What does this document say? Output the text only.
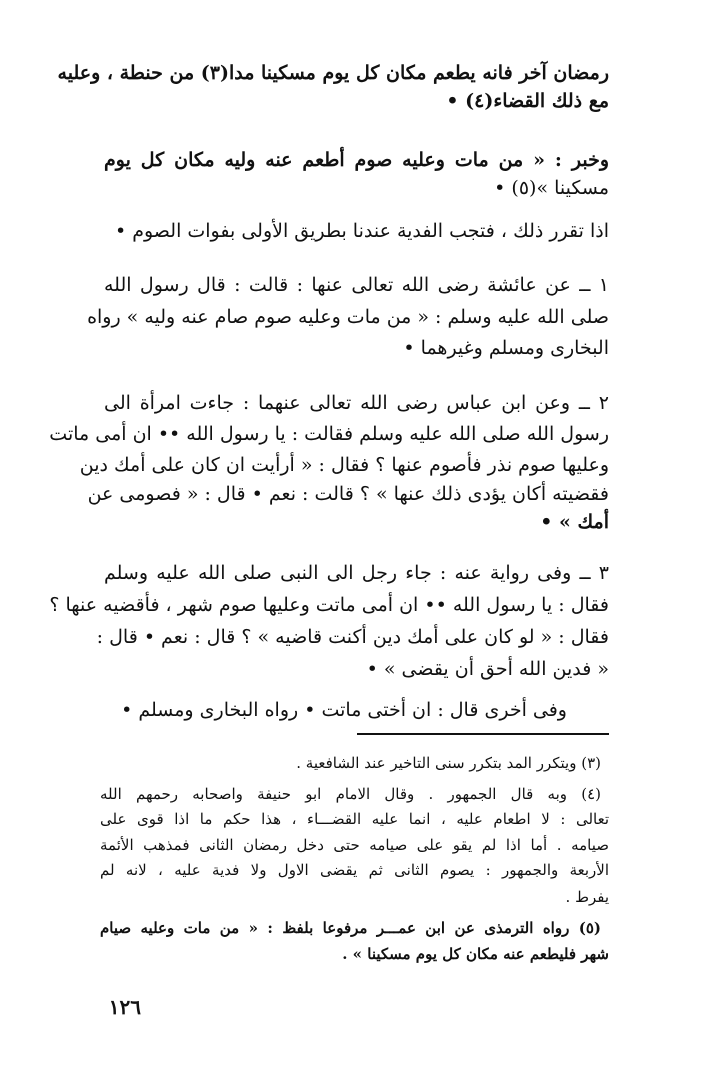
رمضان آخر فانه يطعم مكان كل يوم مسكينا مدا(٣) من حنطة ، وعليه
مع ذلك القضاء(٤) •
وخبر : « من مات وعليه صوم أطعم عنه وليه مكان كل يوم
مسكينا »(٥) •
اذا تقرر ذلك ، فتجب الفدية عندنا بطريق الأولى بفوات الصوم •
١ ــ عن عائشة رضى الله تعالى عنها : قالت : قال رسول الله
صلى الله عليه وسلم : « من مات وعليه صوم صام عنه وليه » رواه
البخارى ومسلم وغيرهما •
٢ ــ وعن ابن عباس رضى الله تعالى عنهما : جاءت امرأة الى
رسول الله صلى الله عليه وسلم فقالت : يا رسول الله •• ان أمى ماتت
وعليها صوم نذر فأصوم عنها ؟ فقال : « أرأيت ان كان على أمك دين
فقضيته أكان يؤدى ذلك عنها » ؟ قالت : نعم • قال : « فصومى عن
أمك » •
٣ ــ وفى رواية عنه : جاء رجل الى النبى صلى الله عليه وسلم
فقال : يا رسول الله •• ان أمى ماتت وعليها صوم شهر ، فأقضيه عنها ؟
فقال : « لو كان على أمك دين أكنت قاضيه » ؟ قال : نعم • قال :
« فدين الله أحق أن يقضى » •
وفى أخرى قال : ان أختى ماتت • رواه البخارى ومسلم •
(٣) ويتكرر المد بتكرر سنى التاخير عند الشافعية .
(٤) وبه قال الجمهور . وقال الامام ابو حنيفة واصحابه رحمهم الله
تعالى : لا اطعام عليه ، انما عليه القضـــاء ، هذا حكم ما اذا قوى على
صيامه . أما اذا لم يقو على صيامه حتى دخل رمضان الثانى فمذهب الأئمة
الأربعة والجمهور : يصوم الثانى ثم يقضى الاول ولا فدية عليه ، لانه لم
يفرط .
(٥) رواه الترمذى عن ابن عمـــر مرفوعا بلفظ : « من مات وعليه صيام
شهر فليطعم عنه مكان كل يوم مسكينا » .
١٢٦
